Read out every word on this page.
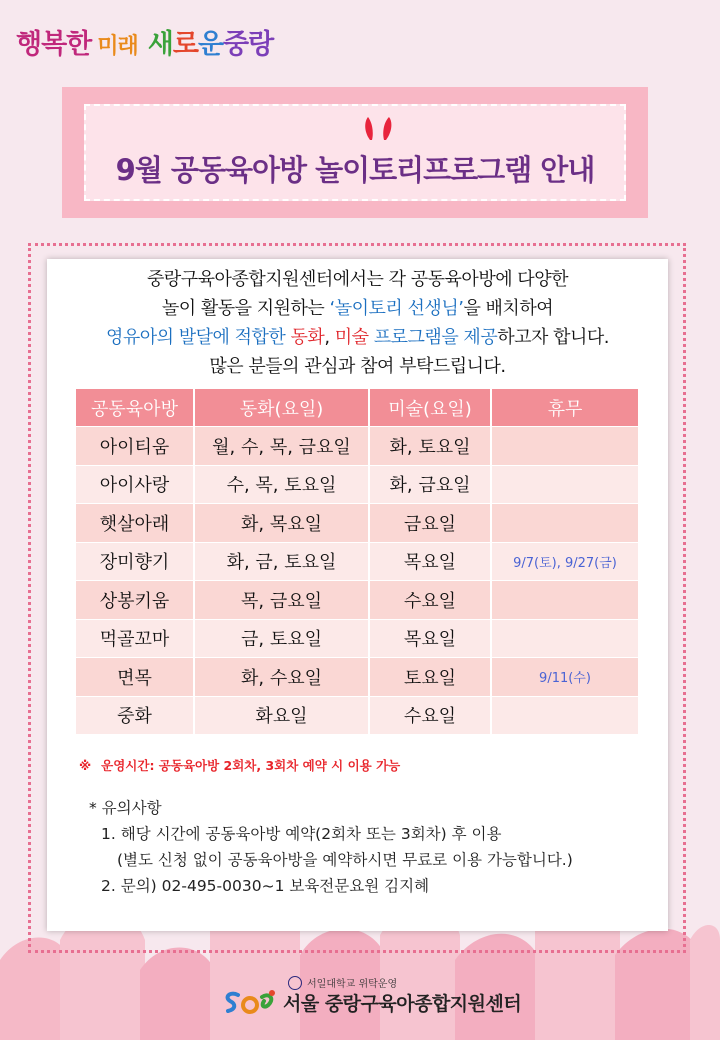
행복한 미래 새 로 운 중랑
9월 공동육아방 놀이토리프로그램 안내
중랑구육아종합지원센터에서는 각 공동육아방에 다양한
놀이 활동을 지원하는 ‘놀이토리 선생님’을 배치하여
영유아의 발달에 적합한 동화, 미술 프로그램을 제공하고자 합니다.
많은 분들의 관심과 참여 부탁드립니다.
공동육아방	동화(요일)	미술(요일)	휴무
아이티움	월, 수, 목, 금요일	화, 토요일	
아이사랑	수, 목, 토요일	화, 금요일	
햇살아래	화, 목요일	금요일	
장미향기	화, 금, 토요일	목요일	9/7(토), 9/27(금)
상봉키움	목, 금요일	수요일	
먹골꼬마	금, 토요일	목요일	
면목	화, 수요일	토요일	9/11(수)
중화	화요일	수요일	
※ 운영시간: 공동육아방 2회차, 3회차 예약 시 이용 가능
* 유의사항
1. 해당 시간에 공동육아방 예약(2회차 또는 3회차) 후 이용
(별도 신청 없이 공동육아방을 예약하시면 무료로 이용 가능합니다.)
2. 문의) 02-495-0030~1 보육전문요원 김지혜
서일대학교 위탁운영
서울 중랑구육아종합지원센터
